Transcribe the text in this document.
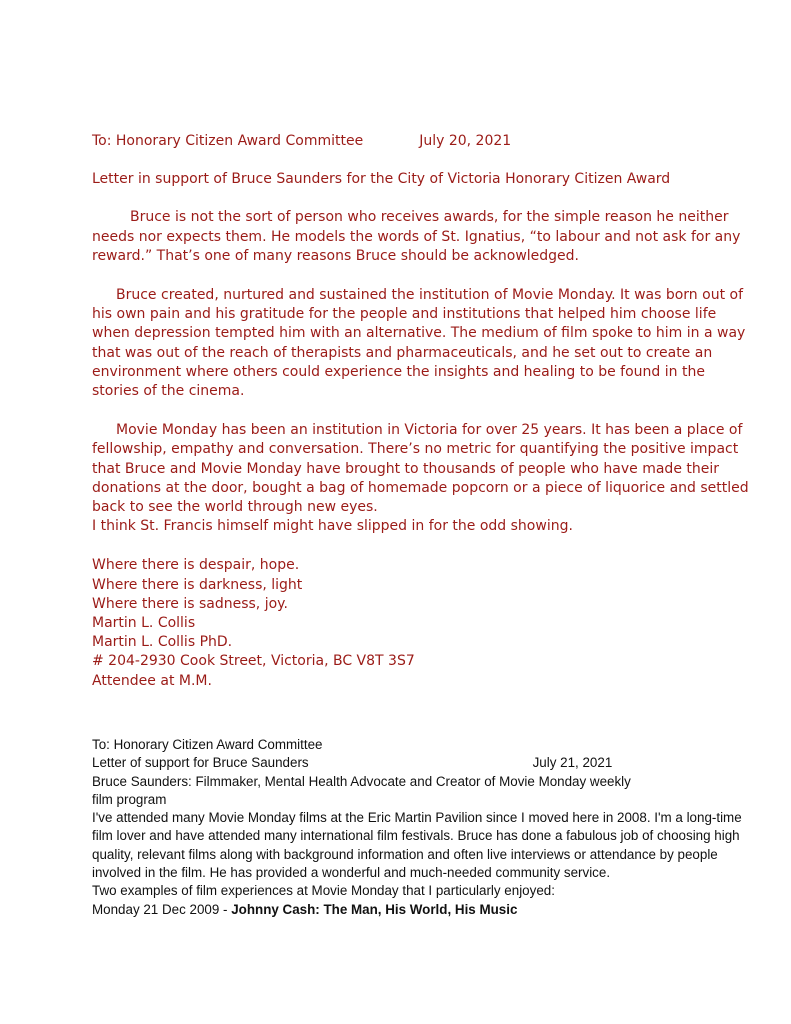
To: Honorary Citizen Award Committee	July 20, 2021

Letter in support of Bruce Saunders for the City of Victoria Honorary Citizen Award

Bruce is not the sort of person who receives awards, for the simple reason he neither needs nor expects them. He models the words of St. Ignatius, “to labour and not ask for any reward.” That’s one of many reasons Bruce should be acknowledged.

Bruce created, nurtured and sustained the institution of Movie Monday. It was born out of his own pain and his gratitude for the people and institutions that helped him choose life when depression tempted him with an alternative. The medium of film spoke to him in a way that was out of the reach of therapists and pharmaceuticals, and he set out to create an environment where others could experience the insights and healing to be found in the stories of the cinema.

Movie Monday has been an institution in Victoria for over 25 years. It has been a place of fellowship, empathy and conversation. There’s no metric for quantifying the positive impact that Bruce and Movie Monday have brought to thousands of people who have made their donations at the door, bought a bag of homemade popcorn or a piece of liquorice and settled back to see the world through new eyes.

I think St. Francis himself might have slipped in for the odd showing.

Where there is despair, hope.

Where there is darkness, light

Where there is sadness, joy.

Martin L. Collis

Martin L. Collis PhD.

# 204-2930 Cook Street, Victoria, BC V8T 3S7

Attendee at M.M.

To: Honorary Citizen Award Committee

Letter of support for Bruce Saunders	July 21, 2021

Bruce Saunders: Filmmaker, Mental Health Advocate and Creator of Movie Monday weekly

film program

I've attended many Movie Monday films at the Eric Martin Pavilion since I moved here in 2008. I'm a long-time film lover and have attended many international film festivals. Bruce has done a fabulous job of choosing high quality, relevant films along with background information and often live interviews or attendance by people involved in the film. He has provided a wonderful and much-needed community service.

Two examples of film experiences at Movie Monday that I particularly enjoyed:

Monday 21 Dec 2009 - Johnny Cash: The Man, His World, His Music
